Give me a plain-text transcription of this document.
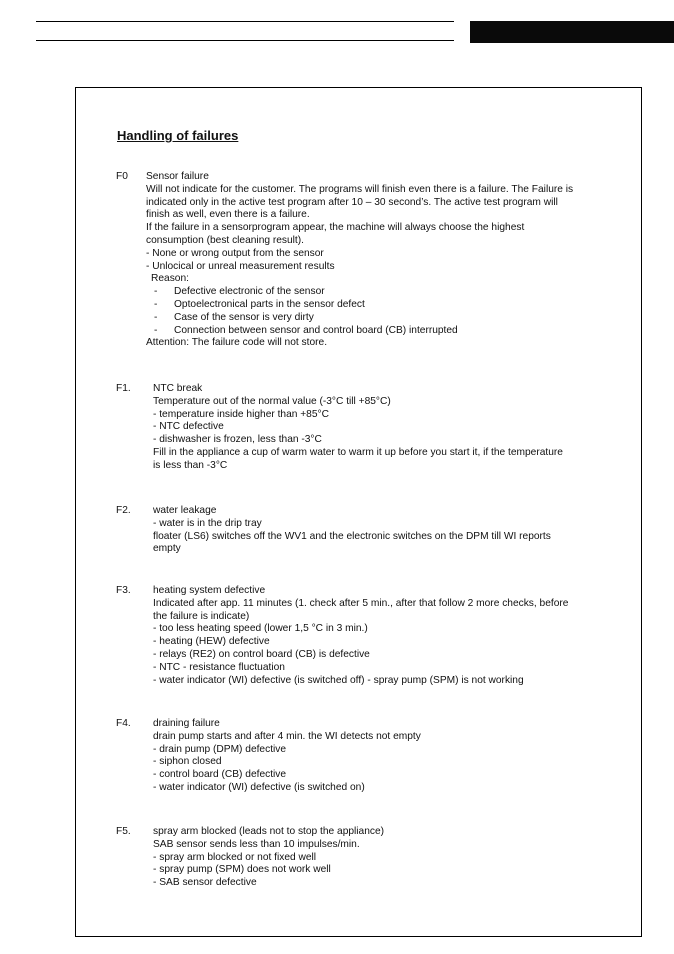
Handling of failures
F0 Sensor failure
Will not indicate for the customer. The programs will finish even there is a failure. The Failure is
indicated only in the active test program after 10 – 30 second’s. The active test program will
finish as well, even there is a failure.
If the failure in a sensorprogram appear, the machine will always choose the highest
consumption (best cleaning result).
- None or wrong output from the sensor
- Unlocical or unreal measurement results
Reason:
- Defective electronic of the sensor
- Optoelectronical parts in the sensor defect
- Case of the sensor is very dirty
- Connection between sensor and control board (CB) interrupted
Attention: The failure code will not store.
F1. NTC break
Temperature out of the normal value (-3°C till +85°C)
- temperature inside higher than +85°C
- NTC defective
- dishwasher is frozen, less than -3°C
Fill in the appliance a cup of warm water to warm it up before you start it, if the temperature
is less than -3°C
F2. water leakage
- water is in the drip tray
floater (LS6) switches off the WV1 and the electronic switches on the DPM till WI reports
empty
F3. heating system defective
Indicated after app. 11 minutes (1. check after 5 min., after that follow 2 more checks, before
the failure is indicate)
- too less heating speed (lower 1,5 °C in 3 min.)
- heating (HEW) defective
- relays (RE2) on control board (CB) is defective
- NTC - resistance fluctuation
- water indicator (WI) defective (is switched off) - spray pump (SPM) is not working
F4. draining failure
drain pump starts and after 4 min. the WI detects not empty
- drain pump (DPM) defective
- siphon closed
- control board (CB) defective
- water indicator (WI) defective (is switched on)
F5. spray arm blocked (leads not to stop the appliance)
SAB sensor sends less than 10 impulses/min.
- spray arm blocked or not fixed well
- spray pump (SPM) does not work well
- SAB sensor defective
